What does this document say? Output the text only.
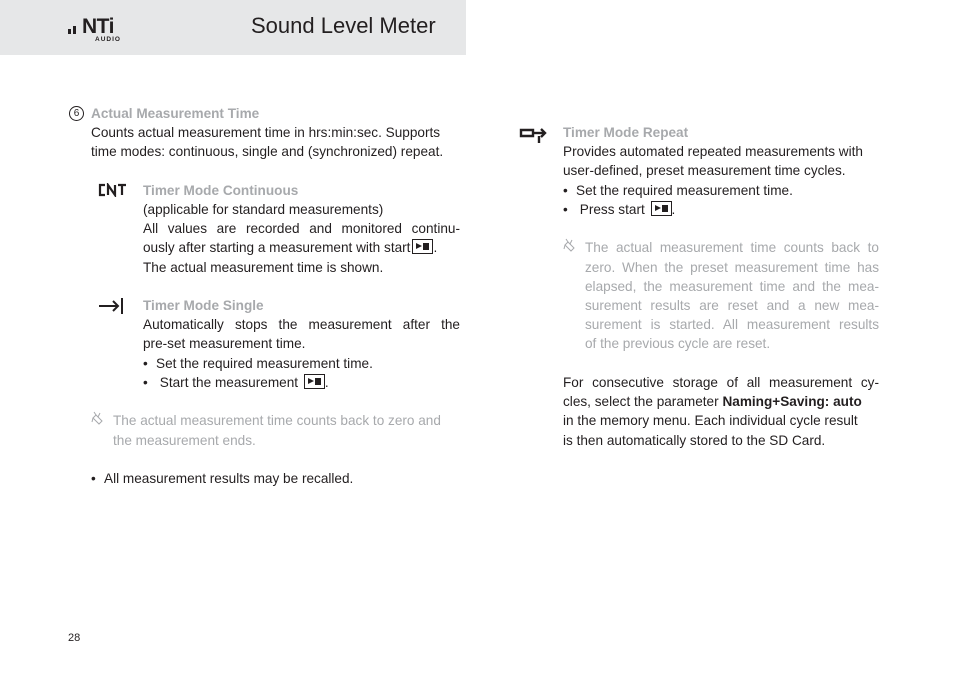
NTi
AUDIO
Sound Level Meter
6 Actual Measurement Time
Counts actual measurement time in hrs:min:sec. Supports
time modes: continuous, single and (synchronized) repeat.
Timer Mode Continuous
(applicable for standard measurements)
All values are recorded and monitored continu-
ously after starting a measurement with start .
The actual measurement time is shown.
Timer Mode Single
Automatically stops the measurement after the
pre-set measurement time.
• Set the required measurement time.
• Start the measurement .
The actual measurement time counts back to zero and
the measurement ends.
• All measurement results may be recalled.
Timer Mode Repeat
Provides automated repeated measurements with
user-defined, preset measurement time cycles.
• Set the required measurement time.
• Press start .
The actual measurement time counts back to
zero. When the preset measurement time has
elapsed, the measurement time and the mea-
surement results are reset and a new mea-
surement is started. All measurement results
of the previous cycle are reset.
For consecutive storage of all measurement cy-
cles, select the parameter Naming+Saving: auto
in the memory menu. Each individual cycle result
is then automatically stored to the SD Card.
28
